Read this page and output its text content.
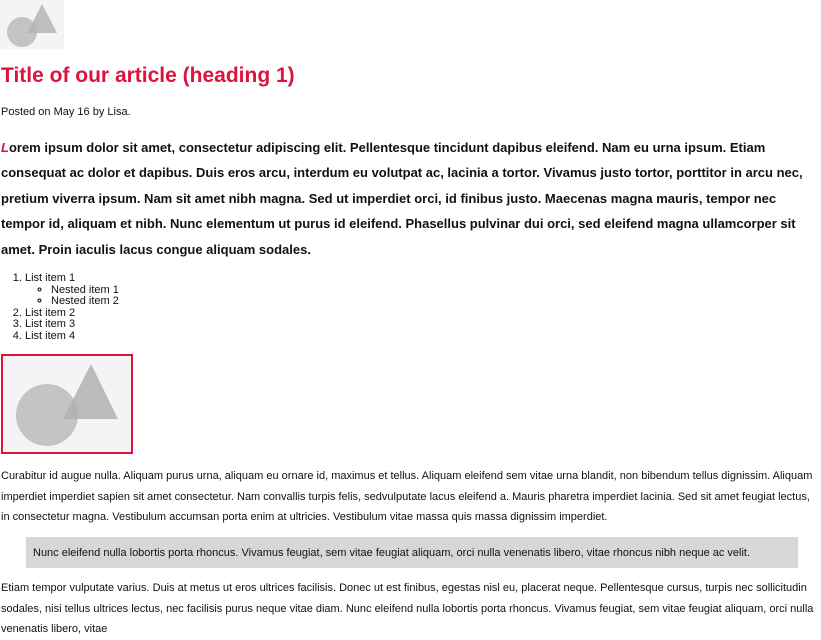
Title of our article (heading 1)

Posted on May 16 by Lisa.

Lorem ipsum dolor sit amet, consectetur adipiscing elit. Pellentesque tincidunt dapibus eleifend. Nam eu urna ipsum. Etiam consequat ac dolor et dapibus. Duis eros arcu, interdum eu volutpat ac, lacinia a tortor. Vivamus justo tortor, porttitor in arcu nec, pretium viverra ipsum. Nam sit amet nibh magna. Sed ut imperdiet orci, id finibus justo. Maecenas magna mauris, tempor nec tempor id, aliquam et nibh. Nunc elementum ut purus id eleifend. Phasellus pulvinar dui orci, sed eleifend magna ullamcorper sit amet. Proin iaculis lacus congue aliquam sodales.

1. List item 1
◦ Nested item 1
◦ Nested item 2
2. List item 2
3. List item 3
4. List item 4

Curabitur id augue nulla. Aliquam purus urna, aliquam eu ornare id, maximus et tellus. Aliquam eleifend sem vitae urna blandit, non bibendum tellus dignissim. Aliquam imperdiet imperdiet sapien sit amet consectetur. Nam convallis turpis felis, sedvulputate lacus eleifend a. Mauris pharetra imperdiet lacinia. Sed sit amet feugiat lectus, in consectetur magna. Vestibulum accumsan porta enim at ultricies. Vestibulum vitae massa quis massa dignissim imperdiet.

Nunc eleifend nulla lobortis porta rhoncus. Vivamus feugiat, sem vitae feugiat aliquam, orci nulla venenatis libero, vitae rhoncus nibh neque ac velit.

Etiam tempor vulputate varius. Duis at metus ut eros ultrices facilisis. Donec ut est finibus, egestas nisl eu, placerat neque. Pellentesque cursus, turpis nec sollicitudin sodales, nisi tellus ultrices lectus, nec facilisis purus neque vitae diam. Nunc eleifend nulla lobortis porta rhoncus. Vivamus feugiat, sem vitae feugiat aliquam, orci nulla venenatis libero, vitae
